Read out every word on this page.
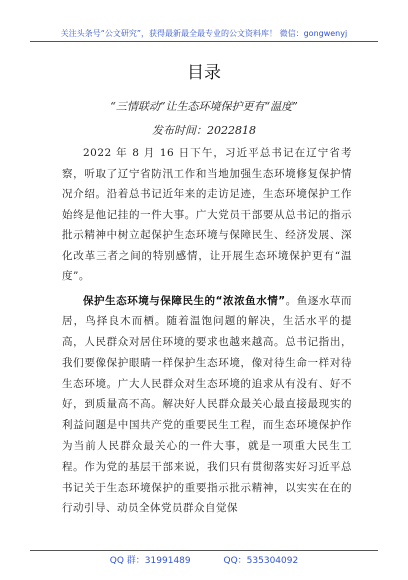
关注头条号“公文研究”，获得最新最全最专业的公文资料库！ 微信：gongwenyj
目录
“三情联动”让生态环境保护更有“温度”
发布时间：2022818

2022 年 8 月 16 日下午，习近平总书记在辽宁省考察，听取了辽宁省防汛工作和当地加强生态环境修复保护情况介绍。沿着总书记近年来的走访足迹，生态环境保护工作始终是他记挂的一件大事。广大党员干部要从总书记的指示批示精神中树立起保护生态环境与保障民生、经济发展、深化改革三者之间的特别感情，让开展生态环境保护更有“温度”。

保护生态环境与保障民生的“浓浓鱼水情”。鱼逐水草而居，鸟择良木而栖。随着温饱问题的解决，生活水平的提高，人民群众对居住环境的要求也越来越高。总书记指出，我们要像保护眼睛一样保护生态环境，像对待生命一样对待生态环境。广大人民群众对生态环境的追求从有没有、好不好，到质量高不高。解决好人民群众最关心最直接最现实的利益问题是中国共产党的重要民生工程，而生态环境保护作为当前人民群众最关心的一件大事，就是一项重大民生工程。作为党的基层干部来说，我们只有贯彻落实好习近平总书记关于生态环境保护的重要指示批示精神，以实实在在的行动引导、动员全体党员群众自觉保

QQ 群：31991489	QQ：535304092
